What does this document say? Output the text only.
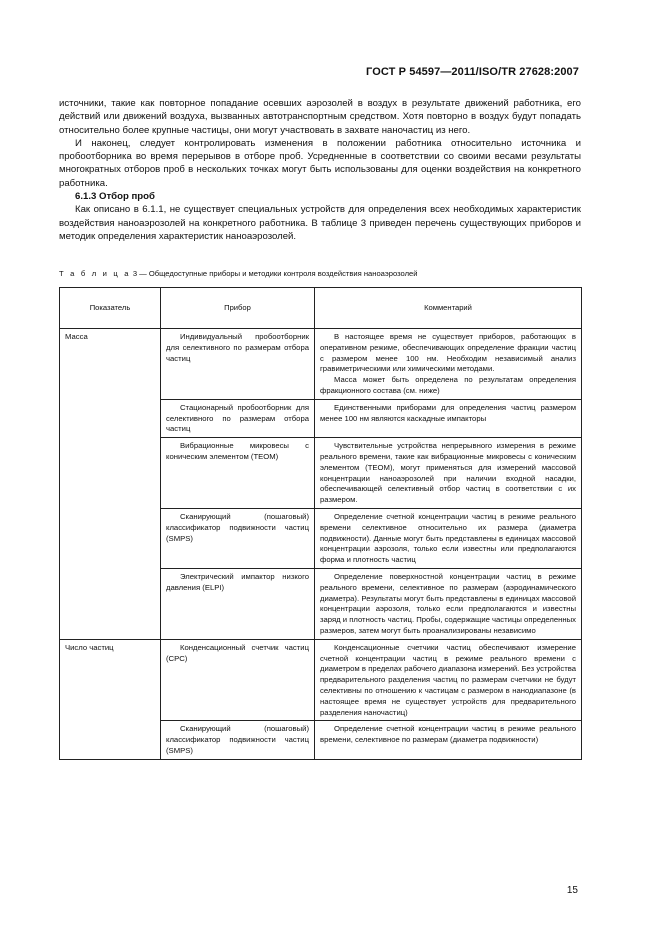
ГОСТ Р 54597—2011/ISO/TR 27628:2007

источники, такие как повторное попадание осевших аэрозолей в воздух в результате движений работника, его действий или движений воздуха, вызванных автотранспортным средством. Хотя повторно в воздух будут попадать относительно более крупные частицы, они могут участвовать в захвате наночастиц из него.

И наконец, следует контролировать изменения в положении работника относительно источника и пробоотборника во время перерывов в отборе проб. Усредненные в соответствии со своими весами результаты многократных отборов проб в нескольких точках могут быть использованы для оценки воздействия на конкретного работника.

6.1.3 Отбор проб

Как описано в 6.1.1, не существует специальных устройств для определения всех необходимых характеристик воздействия наноаэрозолей на конкретного работника. В таблице 3 приведен перечень существующих приборов и методик определения характеристик наноаэрозолей.

Т а б л и ц а 3 — Общедоступные приборы и методики контроля воздействия наноаэрозолей
Показатель	Прибор	Комментарий
Масса	Индивидуальный пробоотборник для селективного по размерам отбора частиц	В настоящее время не существует приборов, работающих в оперативном режиме, обеспечивающих определение фракции частиц с размером менее 100 нм. Необходим независимый анализ гравиметрическими или химическими методами.
Масса может быть определена по результатам определения фракционного состава (см. ниже)

	Стационарный пробоотборник для селективного по размерам отбора частиц	Единственными приборами для определения частиц размером менее 100 нм являются каскадные импакторы

	Вибрационные микровесы с коническим элементом (TEOM)	Чувствительные устройства непрерывного измерения в режиме реального времени, такие как вибрационные микровесы с коническим элементом (TEOM), могут применяться для измерений массовой концентрации наноаэрозолей при наличии входной насадки, обеспечивающей селективный отбор частиц в соответствии с их размером.

	Сканирующий (пошаговый) классификатор подвижности частиц (SMPS)	Определение счетной концентрации частиц в режиме реального времени селективное относительно их размера (диаметра подвижности). Данные могут быть представлены в единицах массовой концентрации аэрозоля, только если известны или предполагаются форма и плотность частиц

	Электрический импактор низкого давления (ELPI)	Определение поверхностной концентрации частиц в режиме реального времени, селективное по размерам (аэродинамического диаметра). Результаты могут быть представлены в единицах массовой концентрации аэрозоля, только если предполагаются и известны заряд и плотность частиц. Пробы, содержащие частицы определенных размеров, затем могут быть проанализированы независимо

Число частиц	Конденсационный счетчик частиц (CPC)	Конденсационные счетчики частиц обеспечивают измерение счетной концентрации частиц в режиме реального времени с диаметром в пределах рабочего диапазона измерений. Без устройства предварительного разделения частиц по размерам счетчики не будут селективны по отношению к частицам с размером в нанодиапазоне (в настоящее время не существует устройств для предварительного разделения наночастиц)

	Сканирующий (пошаговый) классификатор подвижности частиц (SMPS)	Определение счетной концентрации частиц в режиме реального времени, селективное по размерам (диаметра подвижности)
15
